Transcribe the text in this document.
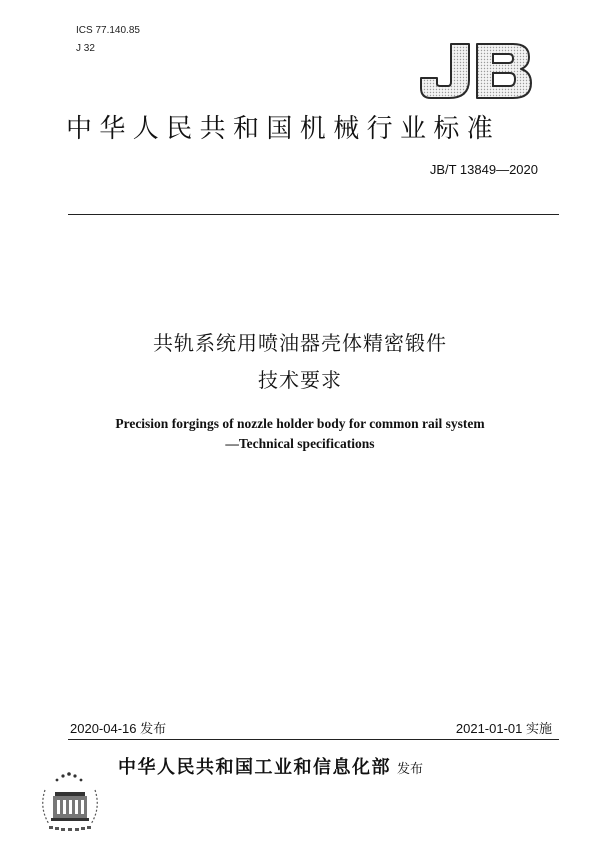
ICS 77.140.85
J 32
中华人民共和国机械行业标准
JB/T 13849—2020
共轨系统用喷油器壳体精密锻件
技术要求
Precision forgings of nozzle holder body for common rail system
—Technical specifications
2020-04-16 发布	2021-01-01 实施
中华人民共和国工业和信息化部 发布
